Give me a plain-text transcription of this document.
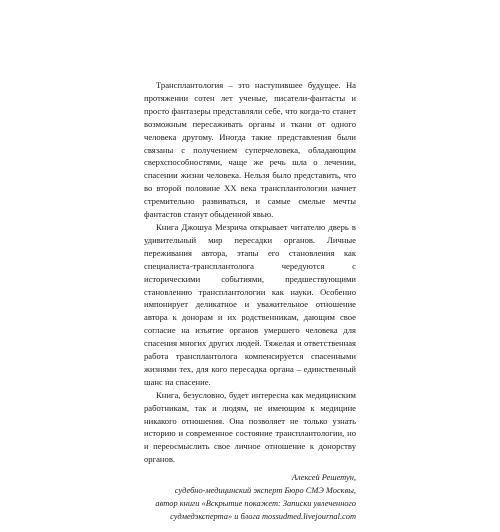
Трансплантология – это наступившее будущее. На протяжении сотен лет ученые, писатели-фантасты и просто фантазеры представляли себе, что когда-то станет возможным пересаживать органы и ткани от одного человека другому. Иногда такие представления были связаны с получением суперчеловека, обладающим сверхспособностями, чаще же речь шла о лечении, спасении жизни человека. Нельзя было представить, что во второй половине XX века трансплантологии начнет стремительно развиваться, и самые смелые мечты фантастов станут обыденной явью.

Книга Джошуа Мезрича открывает читателю дверь в удивительный мир пересадки органов. Личные переживания автора, этапы его становления как специалиста-трансплантолога чередуются с историческими событиями, предшествующими становлению трансплантологии как науки. Особенно импонирует деликатное и уважительное отношение автора к донорам и их родственникам, дающим свое согласие на изъятие органов умершего человека для спасения многих других людей. Тяжелая и ответственная работа трансплантолога компенсируется спасенными жизнями тех, для кого пересадка органа – единственный шанс на спасение.

Книга, безусловно, будет интересна как медицинским работникам, так и людям, не имеющим к медицине никакого отношения. Она позволяет не только узнать историю и современное состояние трансплантологии, но и переосмыслить свое личное отношение к донорству органов.

Алексей Решетун,
судебно-медицинский эксперт Бюро СМЭ Москвы,
автор книги «Вскрытие покажет: Записки увлеченного
судмедэксперта» и блога mossudmed.livejournal.com
